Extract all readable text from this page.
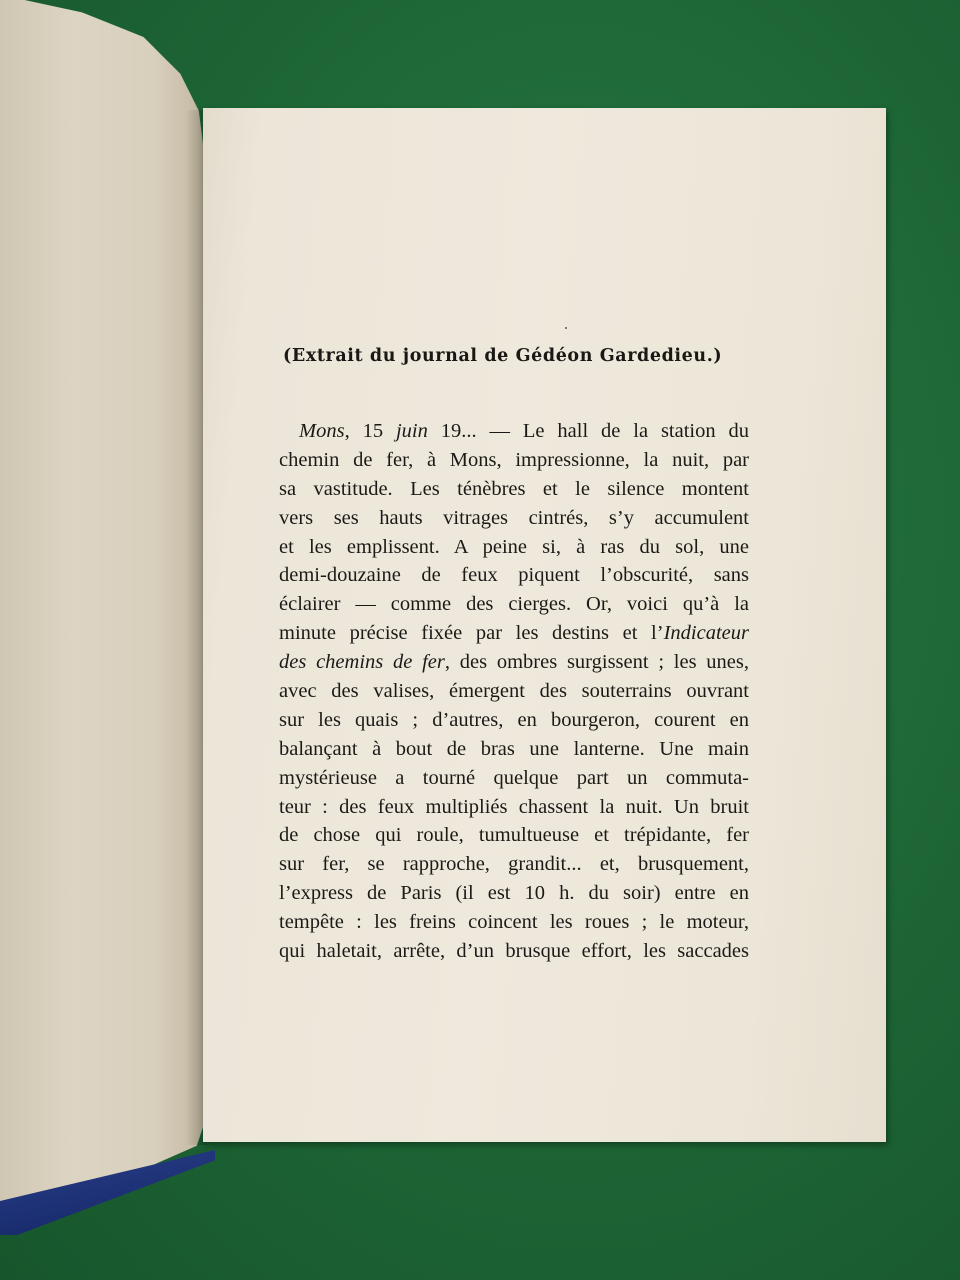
(Extrait du journal de Gédéon Gardedieu.)
Mons, 15 juin 19... — Le hall de la station du
chemin de fer, à Mons, impressionne, la nuit, par
sa vastitude. Les ténèbres et le silence montent
vers ses hauts vitrages cintrés, s’y accumulent
et les emplissent. A peine si, à ras du sol, une
demi-douzaine de feux piquent l’obscurité, sans
éclairer — comme des cierges. Or, voici qu’à la
minute précise fixée par les destins et l’Indicateur
des chemins de fer, des ombres surgissent ; les unes,
avec des valises, émergent des souterrains ouvrant
sur les quais ; d’autres, en bourgeron, courent en
balançant à bout de bras une lanterne. Une main
mystérieuse a tourné quelque part un commuta-
teur : des feux multipliés chassent la nuit. Un bruit
de chose qui roule, tumultueuse et trépidante, fer
sur fer, se rapproche, grandit... et, brusquement,
l’express de Paris (il est 10 h. du soir) entre en
tempête : les freins coincent les roues ; le moteur,
qui haletait, arrête, d’un brusque effort, les saccades
